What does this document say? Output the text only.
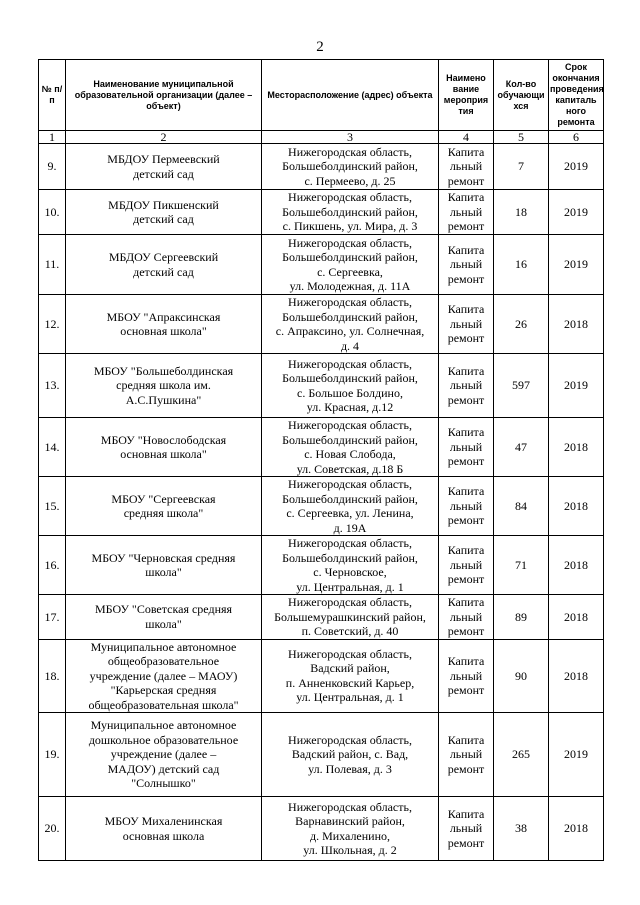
2
№ п/п	Наименование муниципальной образовательной организации (далее – объект)	Месторасположение (адрес) объекта	Наимено вание мероприя тия	Кол-во обучающи хся	Срок окончания проведения капиталь ного ремонта
1	2	3	4	5	6
9.	МБДОУ Пермеевский
детский сад	Нижегородская область,
Большеболдинский район,
с. Пермеево, д. 25	Капита
льный
ремонт	7	2019
10.	МБДОУ Пикшенский
детский сад	Нижегородская область,
Большеболдинский район,
с. Пикшень, ул. Мира, д. 3	Капита
льный
ремонт	18	2019
11.	МБДОУ Сергеевский
детский сад	Нижегородская область,
Большеболдинский район,
с. Сергеевка,
ул. Молодежная, д. 11А	Капита
льный
ремонт	16	2019
12.	МБОУ "Апраксинская
основная школа"	Нижегородская область,
Большеболдинский район,
с. Апраксино, ул. Солнечная,
д. 4	Капита
льный
ремонт	26	2018
13.	МБОУ "Большеболдинская
средняя школа им.
А.С.Пушкина"	Нижегородская область,
Большеболдинский район,
с. Большое Болдино,
ул. Красная, д.12	Капита
льный
ремонт	597	2019
14.	МБОУ "Новослободская
основная школа"	Нижегородская область,
Большеболдинский район,
с. Новая Слобода,
ул. Советская, д.18 Б	Капита
льный
ремонт	47	2018
15.	МБОУ "Сергеевская
средняя школа"	Нижегородская область,
Большеболдинский район,
с. Сергеевка, ул. Ленина,
д. 19А	Капита
льный
ремонт	84	2018
16.	МБОУ "Черновская средняя
школа"	Нижегородская область,
Большеболдинский район,
с. Черновское,
ул. Центральная, д. 1	Капита
льный
ремонт	71	2018
17.	МБОУ "Советская средняя
школа"	Нижегородская область,
Большемурашкинский район,
п. Советский, д. 40	Капита
льный
ремонт	89	2018
18.	Муниципальное автономное
общеобразовательное
учреждение (далее – МАОУ)
"Карьерская средняя
общеобразовательная школа"	Нижегородская область,
Вадский район,
п. Анненковский Карьер,
ул. Центральная, д. 1	Капита
льный
ремонт	90	2018
19.	Муниципальное автономное
дошкольное образовательное
учреждение (далее –
МАДОУ) детский сад
"Солнышко"	Нижегородская область,
Вадский район, с. Вад,
ул. Полевая, д. 3	Капита
льный
ремонт	265	2019
20.	МБОУ Михаленинская
основная школа	Нижегородская область,
Варнавинский район,
д. Михаленино,
ул. Школьная, д. 2	Капита
льный
ремонт	38	2018
